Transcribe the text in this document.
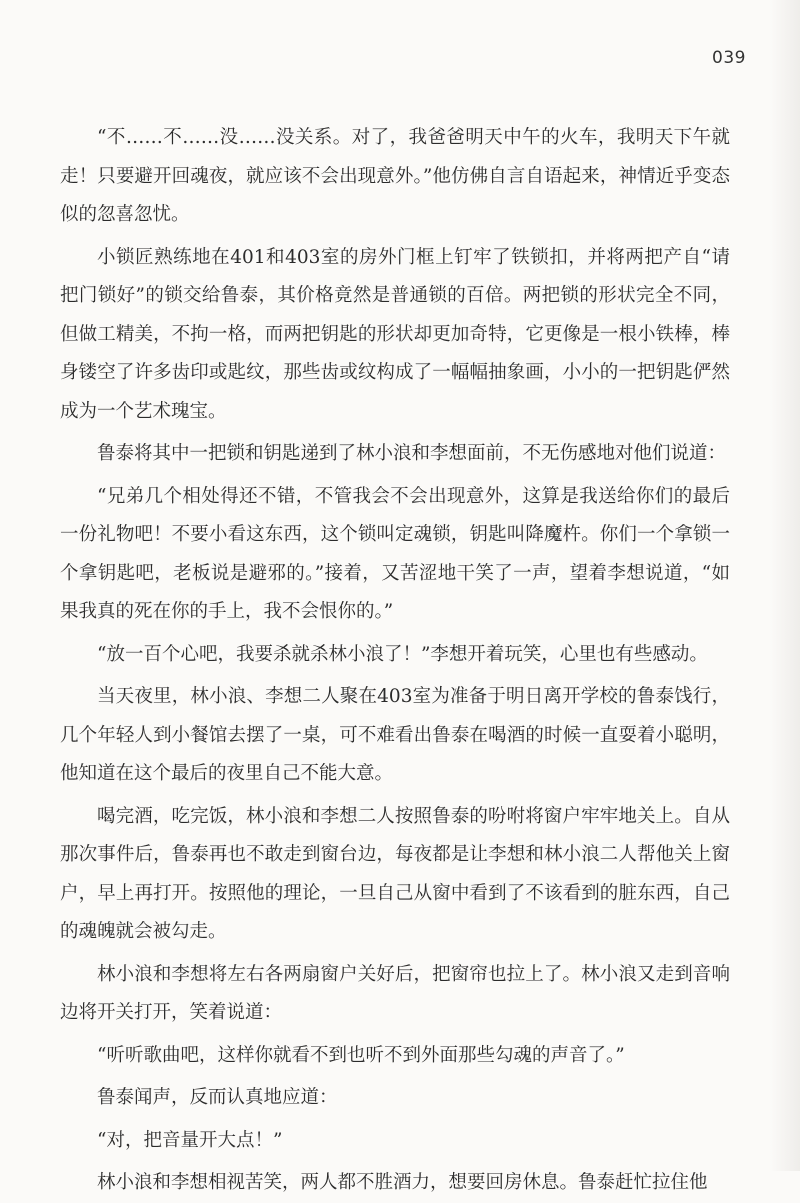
039

“不……不……没……没关系。对了，我爸爸明天中午的火车，我明天下午就走！只要避开回魂夜，就应该不会出现意外。”他仿佛自言自语起来，神情近乎变态似的忽喜忽忧。

小锁匠熟练地在401和403室的房外门框上钉牢了铁锁扣，并将两把产自“请把门锁好”的锁交给鲁泰，其价格竟然是普通锁的百倍。两把锁的形状完全不同，但做工精美，不拘一格，而两把钥匙的形状却更加奇特，它更像是一根小铁棒，棒身镂空了许多齿印或匙纹，那些齿或纹构成了一幅幅抽象画，小小的一把钥匙俨然成为一个艺术瑰宝。

鲁泰将其中一把锁和钥匙递到了林小浪和李想面前，不无伤感地对他们说道：

“兄弟几个相处得还不错，不管我会不会出现意外，这算是我送给你们的最后一份礼物吧！不要小看这东西，这个锁叫定魂锁，钥匙叫降魔杵。你们一个拿锁一个拿钥匙吧，老板说是避邪的。”接着，又苦涩地干笑了一声，望着李想说道，“如果我真的死在你的手上，我不会恨你的。”

“放一百个心吧，我要杀就杀林小浪了！”李想开着玩笑，心里也有些感动。

当天夜里，林小浪、李想二人聚在403室为准备于明日离开学校的鲁泰饯行，几个年轻人到小餐馆去摆了一桌，可不难看出鲁泰在喝酒的时候一直耍着小聪明，他知道在这个最后的夜里自己不能大意。

喝完酒，吃完饭，林小浪和李想二人按照鲁泰的吩咐将窗户牢牢地关上。自从那次事件后，鲁泰再也不敢走到窗台边，每夜都是让李想和林小浪二人帮他关上窗户，早上再打开。按照他的理论，一旦自己从窗中看到了不该看到的脏东西，自己的魂魄就会被勾走。

林小浪和李想将左右各两扇窗户关好后，把窗帘也拉上了。林小浪又走到音响边将开关打开，笑着说道：

“听听歌曲吧，这样你就看不到也听不到外面那些勾魂的声音了。”

鲁泰闻声，反而认真地应道：

“对，把音量开大点！”

林小浪和李想相视苦笑，两人都不胜酒力，想要回房休息。鲁泰赶忙拉住他
